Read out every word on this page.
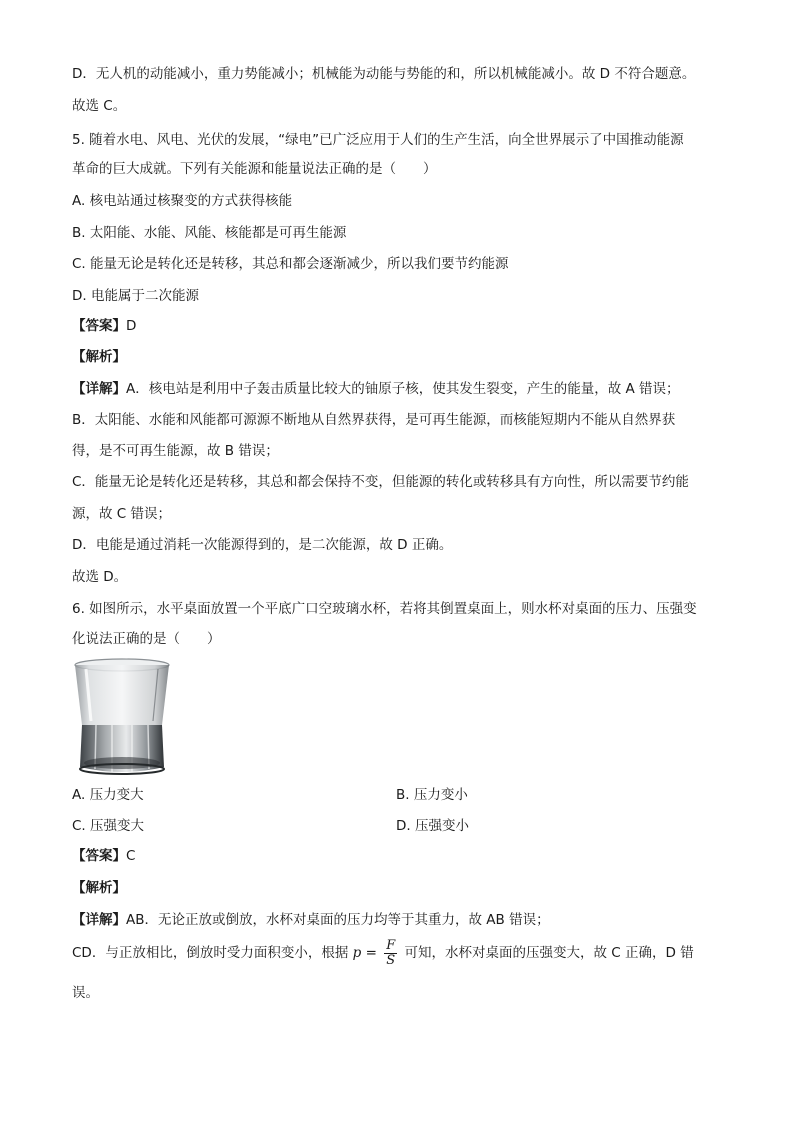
D．无人机的动能减小，重力势能减小；机械能为动能与势能的和，所以机械能减小。故 D 不符合题意。
故选 C。
5. 随着水电、风电、光伏的发展，“绿电”已广泛应用于人们的生产生活，向全世界展示了中国推动能源
革命的巨大成就。下列有关能源和能量说法正确的是（　　）
A. 核电站通过核聚变的方式获得核能
B. 太阳能、水能、风能、核能都是可再生能源
C. 能量无论是转化还是转移，其总和都会逐渐减少，所以我们要节约能源
D. 电能属于二次能源
【答案】D
【解析】
【详解】A．核电站是利用中子轰击质量比较大的铀原子核，使其发生裂变，产生的能量，故 A 错误；
B．太阳能、水能和风能都可源源不断地从自然界获得，是可再生能源，而核能短期内不能从自然界获
得，是不可再生能源，故 B 错误；
C．能量无论是转化还是转移，其总和都会保持不变，但能源的转化或转移具有方向性，所以需要节约能
源，故 C 错误；
D．电能是通过消耗一次能源得到的，是二次能源，故 D 正确。
故选 D。
6. 如图所示，水平桌面放置一个平底广口空玻璃水杯，若将其倒置桌面上，则水杯对桌面的压力、压强变
化说法正确的是（　　）
A. 压力变大	B. 压力变小
C. 压强变大	D. 压强变小
【答案】C
【解析】
【详解】AB．无论正放或倒放，水杯对桌面的压力均等于其重力，故 AB 错误；
CD．与正放相比，倒放时受力面积变小，根据 $p = \frac{F}{S}$ 可知，水杯对桌面的压强变大，故 C 正确，D 错
误。
